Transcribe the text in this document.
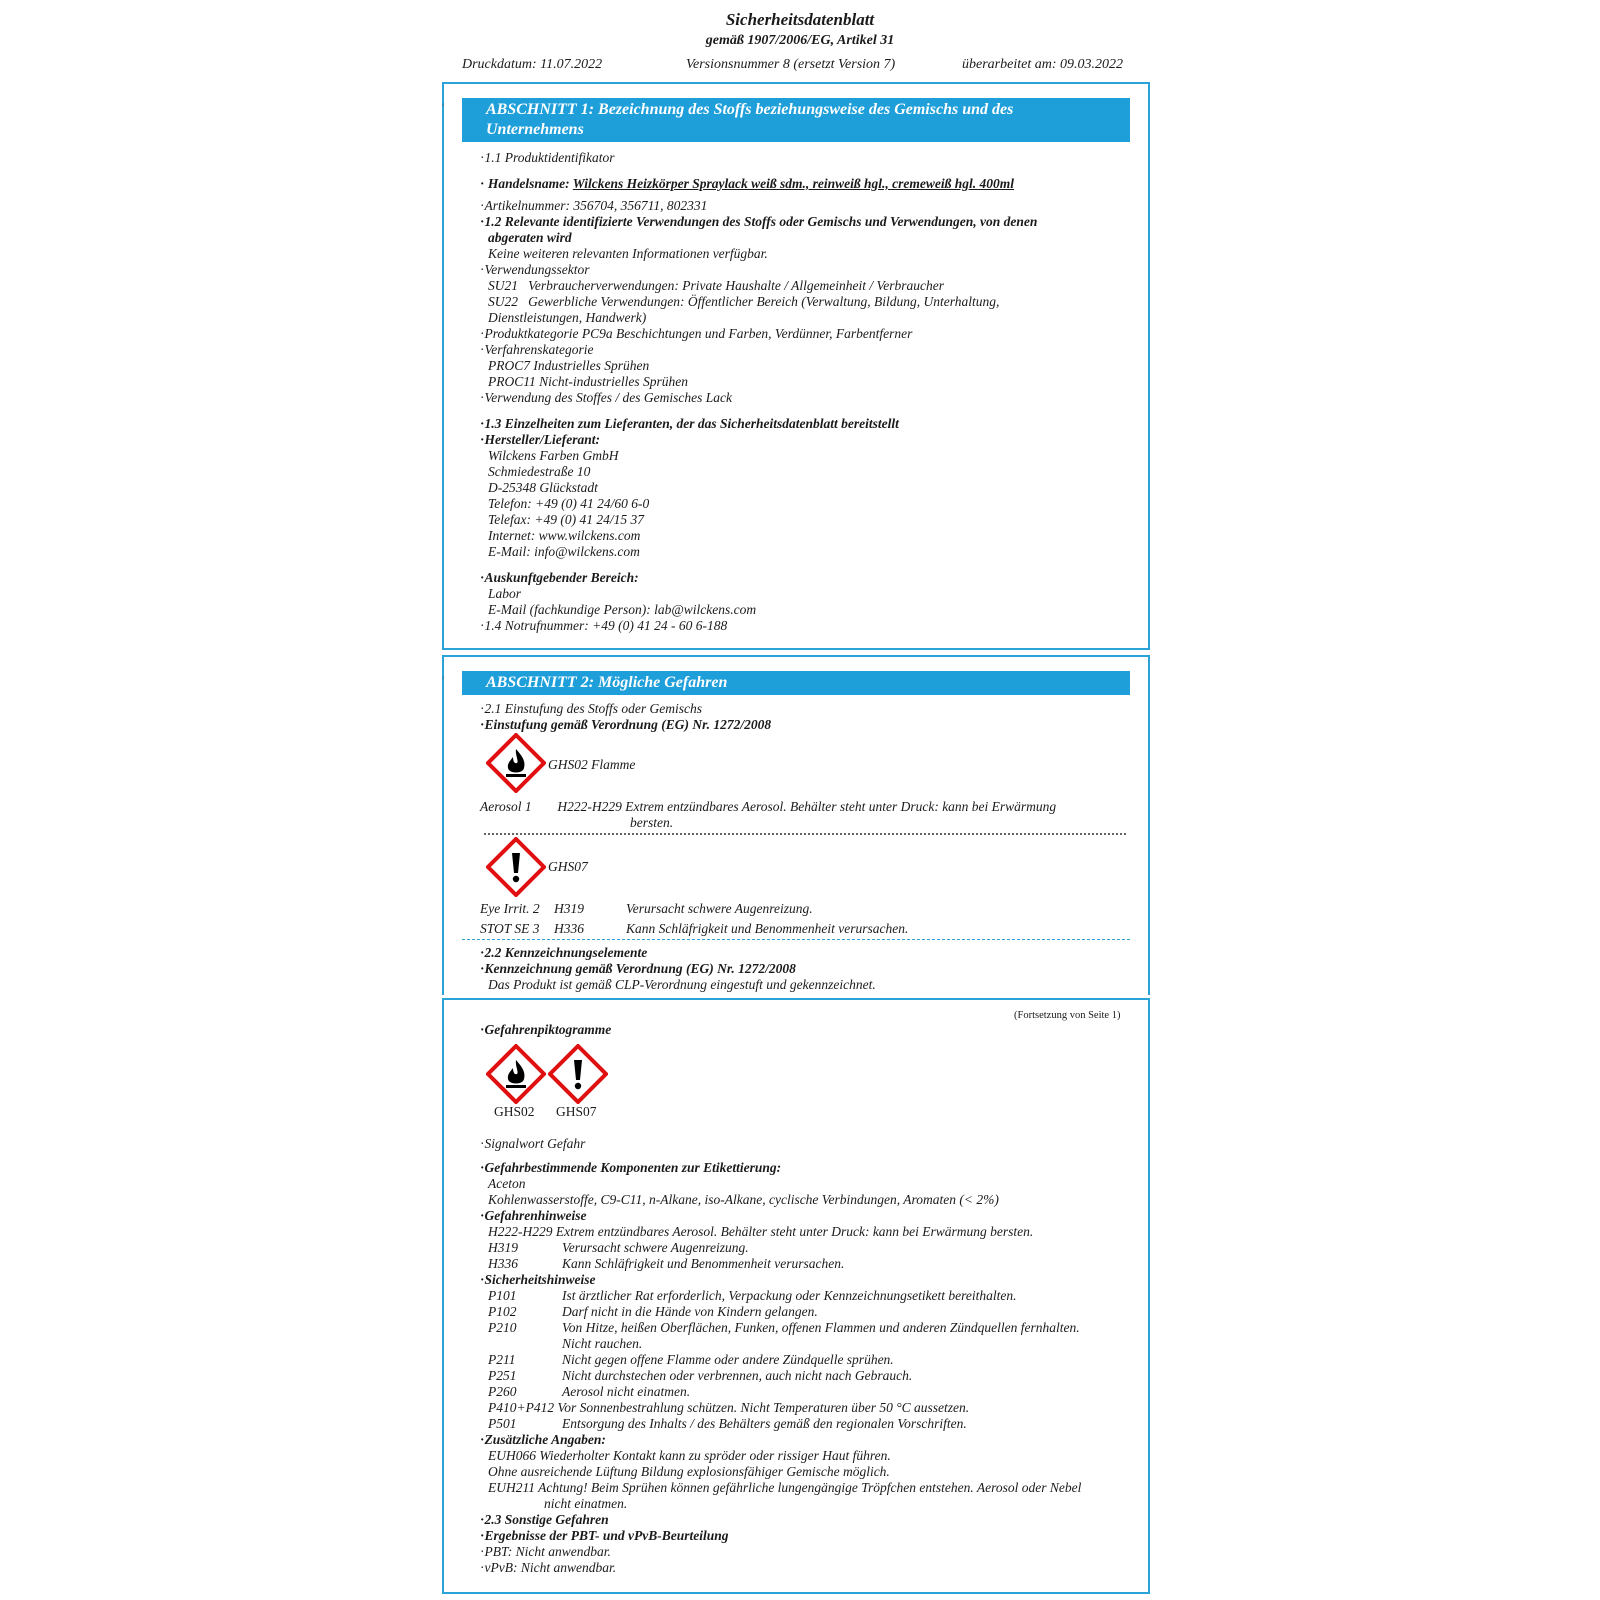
Sicherheitsdatenblatt
gemäß 1907/2006/EG, Artikel 31
Druckdatum: 11.07.2022	Versionsnummer 8 (ersetzt Version 7)	überarbeitet am: 09.03.2022
‹	ABSCHNITT 1: Bezeichnung des Stoffs beziehungsweise des Gemischs und des
Unternehmens
· 1.1 Produktidentifikator
· Handelsname: Wilckens Heizkörper Spraylack weiß sdm., reinweiß hgl., cremeweiß hgl. 400ml
· Artikelnummer: 356704, 356711, 802331
· 1.2 Relevante identifizierte Verwendungen des Stoffs oder Gemischs und Verwendungen, von denen
abgeraten wird
Keine weiteren relevanten Informationen verfügbar.
· Verwendungssektor
SU21 Verbraucherverwendungen: Private Haushalte / Allgemeinheit / Verbraucher
SU22 Gewerbliche Verwendungen: Öffentlicher Bereich (Verwaltung, Bildung, Unterhaltung,
Dienstleistungen, Handwerk)
· Produktkategorie PC9a Beschichtungen und Farben, Verdünner, Farbentferner
· Verfahrenskategorie
PROC7 Industrielles Sprühen
PROC11 Nicht-industrielles Sprühen
· Verwendung des Stoffes / des Gemisches Lack
· 1.3 Einzelheiten zum Lieferanten, der das Sicherheitsdatenblatt bereitstellt
· Hersteller/Lieferant:
Wilckens Farben GmbH
Schmiedestraße 10
D-25348 Glückstadt
Telefon: +49 (0) 41 24/60 6-0
Telefax: +49 (0) 41 24/15 37
Internet: www.wilckens.com
E-Mail: info@wilckens.com
· Auskunftgebender Bereich:
Labor
E-Mail (fachkundige Person): lab@wilckens.com
· 1.4 Notrufnummer: +49 (0) 41 24 - 60 6-188
‹	ABSCHNITT 2: Mögliche Gefahren
· 2.1 Einstufung des Stoffs oder Gemischs
· Einstufung gemäß Verordnung (EG) Nr. 1272/2008
GHS02 Flamme
Aerosol 1 H222-H229 Extrem entzündbares Aerosol. Behälter steht unter Druck: kann bei Erwärmung
bersten.
GHS07
Eye Irrit. 2 H319	Verursacht schwere Augenreizung.
STOT SE 3 H336	Kann Schläfrigkeit und Benommenheit verursachen.
· 2.2 Kennzeichnungselemente
· Kennzeichnung gemäß Verordnung (EG) Nr. 1272/2008
Das Produkt ist gemäß CLP-Verordnung eingestuft und gekennzeichnet.
(Fortsetzung von Seite 1)
· Gefahrenpiktogramme
GHS02 GHS07
· Signalwort Gefahr
· Gefahrbestimmende Komponenten zur Etikettierung:
Aceton
Kohlenwasserstoffe, C9-C11, n-Alkane, iso-Alkane, cyclische Verbindungen, Aromaten (< 2%)
· Gefahrenhinweise
H222-H229 Extrem entzündbares Aerosol. Behälter steht unter Druck: kann bei Erwärmung bersten.
H319	Verursacht schwere Augenreizung.
H336	Kann Schläfrigkeit und Benommenheit verursachen.
· Sicherheitshinweise
P101	Ist ärztlicher Rat erforderlich, Verpackung oder Kennzeichnungsetikett bereithalten.
P102	Darf nicht in die Hände von Kindern gelangen.
P210	Von Hitze, heißen Oberflächen, Funken, offenen Flammen und anderen Zündquellen fernhalten.
Nicht rauchen.
P211	Nicht gegen offene Flamme oder andere Zündquelle sprühen.
P251	Nicht durchstechen oder verbrennen, auch nicht nach Gebrauch.
P260	Aerosol nicht einatmen.
P410+P412 Vor Sonnenbestrahlung schützen. Nicht Temperaturen über 50 °C aussetzen.
P501	Entsorgung des Inhalts / des Behälters gemäß den regionalen Vorschriften.
· Zusätzliche Angaben:
EUH066 Wiederholter Kontakt kann zu spröder oder rissiger Haut führen.
Ohne ausreichende Lüftung Bildung explosionsfähiger Gemische möglich.
EUH211 Achtung! Beim Sprühen können gefährliche lungengängige Tröpfchen entstehen. Aerosol oder Nebel
nicht einatmen.
· 2.3 Sonstige Gefahren
· Ergebnisse der PBT- und vPvB-Beurteilung
· PBT: Nicht anwendbar.
· vPvB: Nicht anwendbar.
